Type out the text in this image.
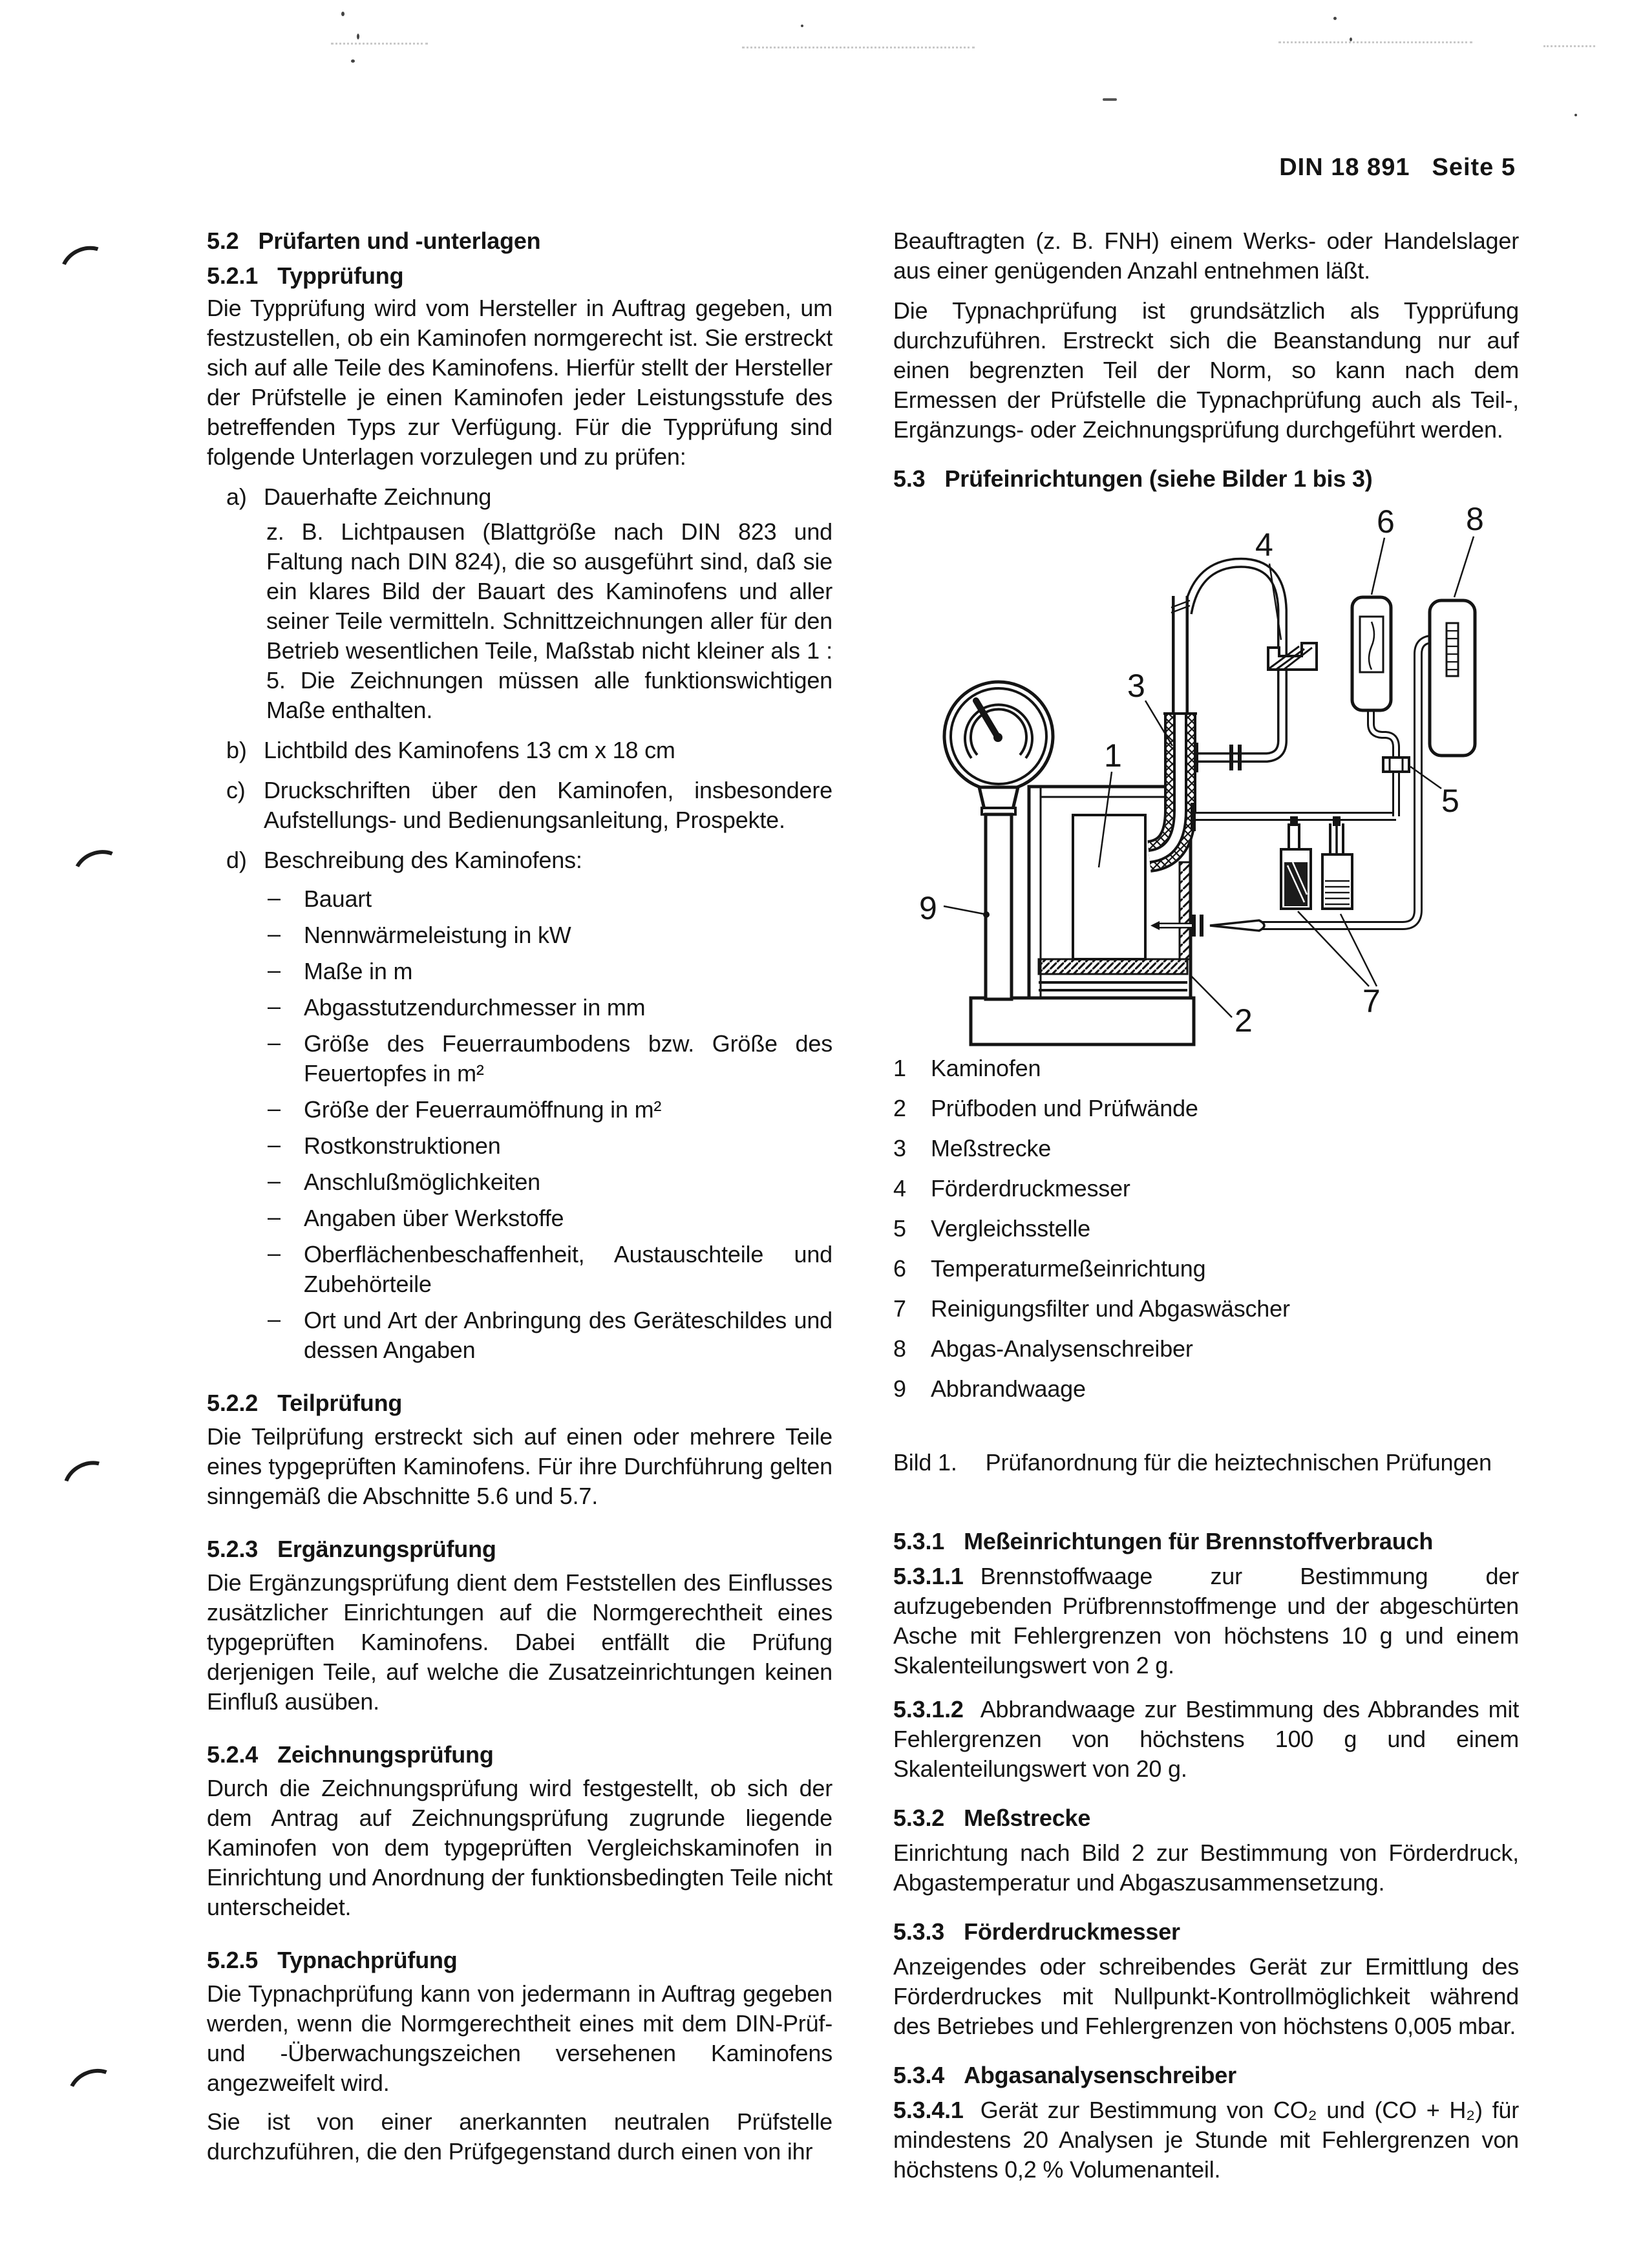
DIN 18 891 Seite 5
5.2 Prüfarten und -unterlagen
5.2.1 Typprüfung

Die Typprüfung wird vom Hersteller in Auftrag gegeben, um festzustellen, ob ein Kaminofen normgerecht ist. Sie erstreckt sich auf alle Teile des Kaminofens. Hierfür stellt der Hersteller der Prüfstelle je einen Kaminofen jeder Leistungsstufe des betreffenden Typs zur Verfügung. Für die Typprüfung sind folgende Unterlagen vorzulegen und zu prüfen:

a) Dauerhafte Zeichnung

z. B. Lichtpausen (Blattgröße nach DIN 823 und Faltung nach DIN 824), die so ausgeführt sind, daß sie ein klares Bild der Bauart des Kaminofens und aller seiner Teile vermitteln. Schnittzeichnungen aller für den Betrieb wesentlichen Teile, Maßstab nicht kleiner als 1 : 5. Die Zeichnungen müssen alle funktionswichtigen Maße enthalten.

b) Lichtbild des Kaminofens 13 cm x 18 cm

c) Druckschriften über den Kaminofen, insbesondere Aufstellungs- und Bedienungsanleitung, Prospekte.

d) Beschreibung des Kaminofens:

– Bauart

– Nennwärmeleistung in kW

– Maße in m

– Abgasstutzendurchmesser in mm

– Größe des Feuerraumbodens bzw. Größe des Feuertopfes in m²

– Größe der Feuerraumöffnung in m²

– Rostkonstruktionen

– Anschlußmöglichkeiten

– Angaben über Werkstoffe

– Oberflächenbeschaffenheit, Austauschteile und Zubehörteile

– Ort und Art der Anbringung des Geräteschildes und dessen Angaben

5.2.2 Teilprüfung

Die Teilprüfung erstreckt sich auf einen oder mehrere Teile eines typgeprüften Kaminofens. Für ihre Durchführung gelten sinngemäß die Abschnitte 5.6 und 5.7.

5.2.3 Ergänzungsprüfung

Die Ergänzungsprüfung dient dem Feststellen des Einflusses zusätzlicher Einrichtungen auf die Normgerechtheit eines typgeprüften Kaminofens. Dabei entfällt die Prüfung derjenigen Teile, auf welche die Zusatzeinrichtungen keinen Einfluß ausüben.

5.2.4 Zeichnungsprüfung

Durch die Zeichnungsprüfung wird festgestellt, ob sich der dem Antrag auf Zeichnungsprüfung zugrunde liegende Kaminofen von dem typgeprüften Vergleichskaminofen in Einrichtung und Anordnung der funktionsbedingten Teile nicht unterscheidet.

5.2.5 Typnachprüfung

Die Typnachprüfung kann von jedermann in Auftrag gegeben werden, wenn die Normgerechtheit eines mit dem DIN-Prüf- und -Überwachungszeichen versehenen Kaminofens angezweifelt wird.

Sie ist von einer anerkannten neutralen Prüfstelle durchzuführen, die den Prüfgegenstand durch einen von ihr

Beauftragten (z. B. FNH) einem Werks- oder Handelslager aus einer genügenden Anzahl entnehmen läßt.

Die Typnachprüfung ist grundsätzlich als Typprüfung durchzuführen. Erstreckt sich die Beanstandung nur auf einen begrenzten Teil der Norm, so kann nach dem Ermessen der Prüfstelle die Typnachprüfung auch als Teil-, Ergänzungs- oder Zeichnungsprüfung durchgeführt werden.

5.3 Prüfeinrichtungen (siehe Bilder 1 bis 3)
1
2
3
4
5
6
7
8
9
1 Kaminofen
2 Prüfboden und Prüfwände
3 Meßstrecke
4 Förderdruckmesser
5 Vergleichsstelle
6 Temperaturmeßeinrichtung
7 Reinigungsfilter und Abgaswäscher
8 Abgas-Analysenschreiber
9 Abbrandwaage

Bild 1. Prüfanordnung für die heiztechnischen Prüfungen

5.3.1 Meßeinrichtungen für Brennstoffverbrauch

5.3.1.1 Brennstoffwaage zur Bestimmung der aufzugebenden Prüfbrennstoffmenge und der abgeschürten Asche mit Fehlergrenzen von höchstens 10 g und einem Skalenteilungswert von 2 g.

5.3.1.2 Abbrandwaage zur Bestimmung des Abbrandes mit Fehlergrenzen von höchstens 100 g und einem Skalenteilungswert von 20 g.

5.3.2 Meßstrecke

Einrichtung nach Bild 2 zur Bestimmung von Förderdruck, Abgastemperatur und Abgaszusammensetzung.

5.3.3 Förderdruckmesser

Anzeigendes oder schreibendes Gerät zur Ermittlung des Förderdruckes mit Nullpunkt-Kontrollmöglichkeit während des Betriebes und Fehlergrenzen von höchstens 0,005 mbar.

5.3.4 Abgasanalysenschreiber

5.3.4.1 Gerät zur Bestimmung von CO₂ und (CO + H₂) für mindestens 20 Analysen je Stunde mit Fehlergrenzen von höchstens 0,2 % Volumenanteil.
